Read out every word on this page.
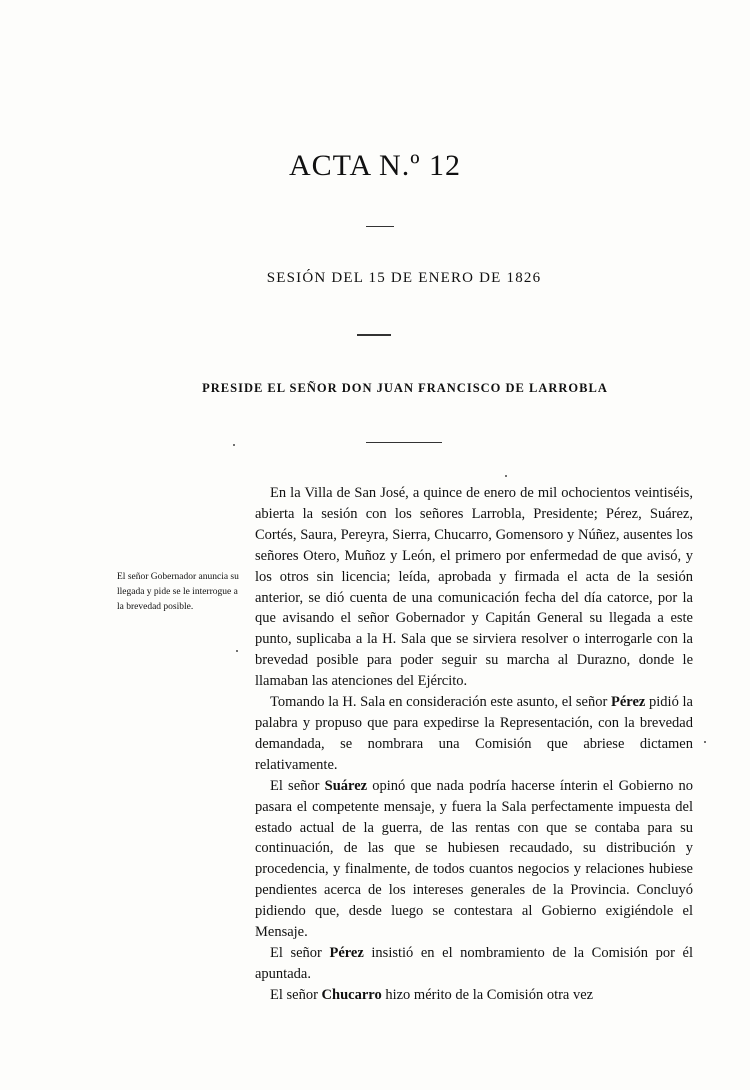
ACTA N.º 12
SESIÓN DEL 15 DE ENERO DE 1826
PRESIDE EL SEÑOR DON JUAN FRANCISCO DE LARROBLA
El señor Gobernador anuncia su llegada y pide se le interrogue a la brevedad posible.

En la Villa de San José, a quince de enero de mil ochocientos veintiséis, abierta la sesión con los señores Larrobla, Presidente; Pérez, Suárez, Cortés, Saura, Pereyra, Sierra, Chucarro, Gomensoro y Núñez, ausentes los señores Otero, Muñoz y León, el primero por enfermedad de que avisó, y los otros sin licencia; leída, aprobada y firmada el acta de la sesión anterior, se dió cuenta de una comunicación fecha del día catorce, por la que avisando el señor Gobernador y Capitán General su llegada a este punto, suplicaba a la H. Sala que se sirviera resolver o interrogarle con la brevedad posible para poder seguir su marcha al Durazno, donde le llamaban las atenciones del Ejército.

Tomando la H. Sala en consideración este asunto, el señor Pérez pidió la palabra y propuso que para expedirse la Representación, con la brevedad demandada, se nombrara una Comisión que abriese dictamen relativamente.

El señor Suárez opinó que nada podría hacerse ínterin el Gobierno no pasara el competente mensaje, y fuera la Sala perfectamente impuesta del estado actual de la guerra, de las rentas con que se contaba para su continuación, de las que se hubiesen recaudado, su distribución y procedencia, y finalmente, de todos cuantos negocios y relaciones hubiese pendientes acerca de los intereses generales de la Provincia. Concluyó pidiendo que, desde luego se contestara al Gobierno exigiéndole el Mensaje.

El señor Pérez insistió en el nombramiento de la Comisión por él apuntada.

El señor Chucarro hizo mérito de la Comisión otra vez
